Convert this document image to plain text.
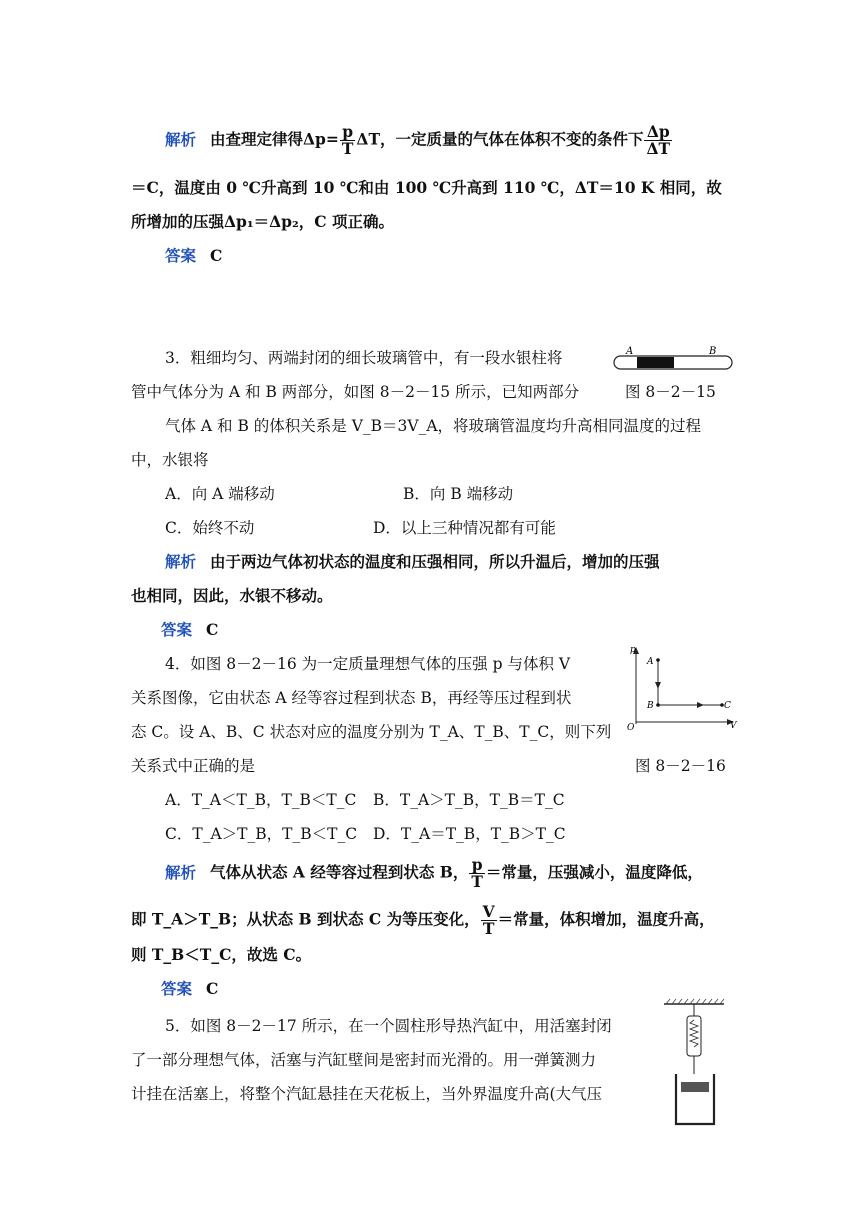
解析 由查理定律得$\Delta p= \frac{p}{T}$ ΔT，一定质量的气体在体积不变的条件下 $\frac{\Delta p}{\Delta T}$
＝C，温度由 0 ℃升高到 10 ℃和由 100 ℃升高到 110 ℃，ΔT＝10 K 相同，故
所增加的压强Δp₁＝Δp₂，C 项正确。
答案 C
3．粗细均匀、两端封闭的细长玻璃管中，有一段水银柱将	A	B
管中气体分为 A 和 B 两部分，如图 8－2－15 所示，已知两部分	图 8－2－15
气体 A 和 B 的体积关系是 V_B＝3V_A，将玻璃管温度均升高相同温度的过程
中，水银将
A．向 A 端移动	B．向 B 端移动
C．始终不动	D．以上三种情况都有可能
解析 由于两边气体初状态的温度和压强相同，所以升温后，增加的压强
也相同，因此，水银不移动。
答案 C
4．如图 8－2－16 为一定质量理想气体的压强 p 与体积 V
p
V
O
A
B	C
关系图像，它由状态 A 经等容过程到状态 B，再经等压过程到状
态 C。设 A、B、C 状态对应的温度分别为 T_A、T_B、T_C，则下列
关系式中正确的是	图 8－2－16
A．T_A＜T_B，T_B＜T_C B．T_A＞T_B，T_B＝T_C
C．T_A＞T_B，T_B＜T_C D．T_A＝T_B，T_B＞T_C
解析 气体从状态 A 经等容过程到状态 B， $\frac{p}{T}$ ＝常量，压强减小，温度降低，
即 T_A＞T_B；从状态 B 到状态 C 为等压变化， $\frac{V}{T}$ ＝常量，体积增加，温度升高，
则 T_B＜T_C，故选 C。
答案 C
5．如图 8－2－17 所示，在一个圆柱形导热汽缸中，用活塞封闭
了一部分理想气体，活塞与汽缸壁间是密封而光滑的。用一弹簧测力
计挂在活塞上，将整个汽缸悬挂在天花板上，当外界温度升高(大气压
